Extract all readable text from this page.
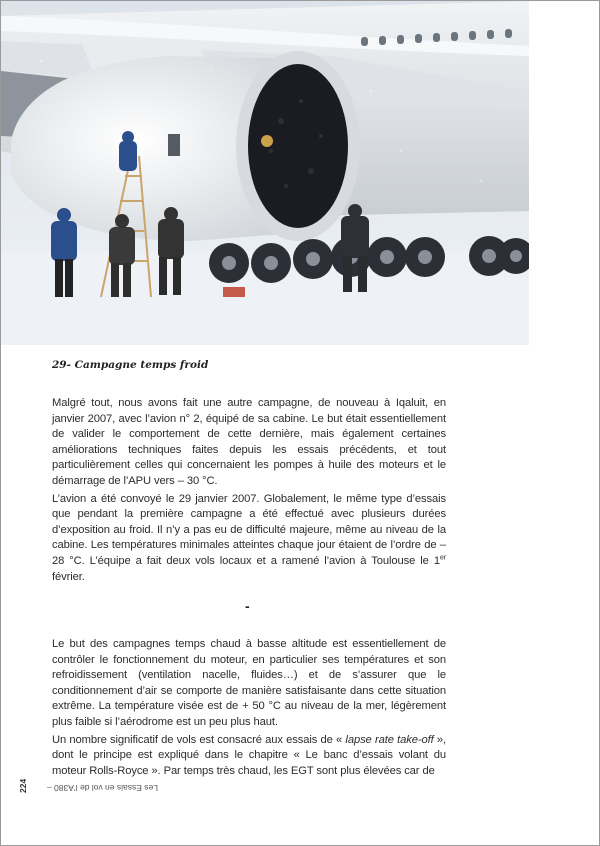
29- Campagne temps froid

Malgré tout, nous avons fait une autre campagne, de nouveau à Iqaluit, en janvier 2007, avec l’avion n° 2, équipé de sa cabine. Le but était essentiellement de valider le comportement de cette dernière, mais également certaines améliorations techniques faites depuis les essais précédents, et tout particulièrement celles qui concernaient les pompes à huile des moteurs et le démarrage de l’APU vers – 30 °C.

L’avion a été convoyé le 29 janvier 2007. Globalement, le même type d’essais que pendant la première campagne a été effectué avec plusieurs durées d’exposition au froid. Il n’y a pas eu de difficulté majeure, même au niveau de la cabine. Les températures minimales atteintes chaque jour étaient de l’ordre de – 28 °C. L’équipe a fait deux vols locaux et a ramené l’avion à Toulouse le 1er février.

-

Le but des campagnes temps chaud à basse altitude est essentiellement de contrôler le fonctionnement du moteur, en particulier ses températures et son refroidissement (ventilation nacelle, fluides…) et de s’assurer que le conditionnement d’air se comporte de manière satisfaisante dans cette situation extrême. La température visée est de + 50 °C au niveau de la mer, légèrement plus faible si l’aérodrome est un peu plus haut.

Un nombre significatif de vols est consacré aux essais de « lapse rate take-off », dont le principe est expliqué dans le chapitre « Le banc d’essais volant du moteur Rolls-Royce ». Par temps très chaud, les EGT sont plus élevées car de

Les Essais en vol de l’A380 –
224
